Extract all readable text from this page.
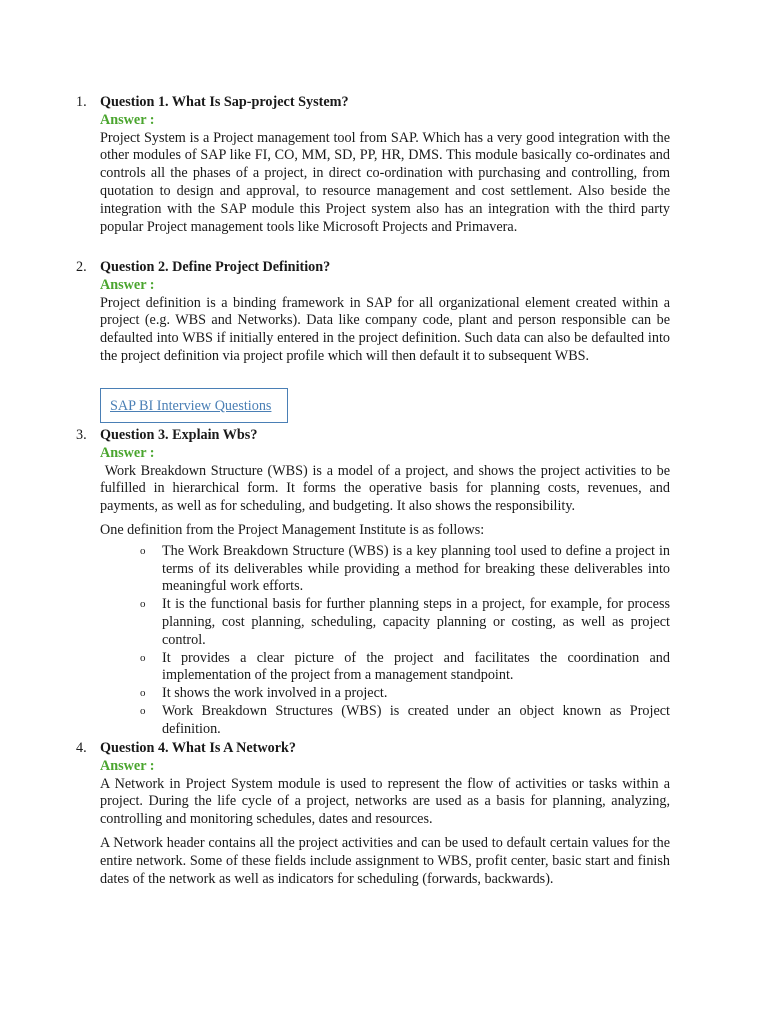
1. Question 1. What Is Sap-project System?
Answer :
Project System is a Project management tool from SAP. Which has a very good integration with the other modules of SAP like FI, CO, MM, SD, PP, HR, DMS. This module basically co-ordinates and controls all the phases of a project, in direct co-ordination with purchasing and controlling, from quotation to design and approval, to resource management and cost settlement. Also beside the integration with the SAP module this Project system also has an integration with the third party popular Project management tools like Microsoft Projects and Primavera.
2. Question 2. Define Project Definition?
Answer :
Project definition is a binding framework in SAP for all organizational element created within a project (e.g. WBS and Networks). Data like company code, plant and person responsible can be defaulted into WBS if initially entered in the project definition. Such data can also be defaulted into the project definition via project profile which will then default it to subsequent WBS.
SAP BI Interview Questions
3. Question 3. Explain Wbs?
Answer :
Work Breakdown Structure (WBS) is a model of a project, and shows the project activities to be fulfilled in hierarchical form. It forms the operative basis for planning costs, revenues, and payments, as well as for scheduling, and budgeting. It also shows the responsibility.
One definition from the Project Management Institute is as follows:
o The Work Breakdown Structure (WBS) is a key planning tool used to define a project in terms of its deliverables while providing a method for breaking these deliverables into meaningful work efforts.
o It is the functional basis for further planning steps in a project, for example, for process planning, cost planning, scheduling, capacity planning or costing, as well as project control.
o It provides a clear picture of the project and facilitates the coordination and implementation of the project from a management standpoint.
o It shows the work involved in a project.
o Work Breakdown Structures (WBS) is created under an object known as Project definition.
4. Question 4. What Is A Network?
Answer :
A Network in Project System module is used to represent the flow of activities or tasks within a project. During the life cycle of a project, networks are used as a basis for planning, analyzing, controlling and monitoring schedules, dates and resources.
A Network header contains all the project activities and can be used to default certain values for the entire network. Some of these fields include assignment to WBS, profit center, basic start and finish dates of the network as well as indicators for scheduling (forwards, backwards).
